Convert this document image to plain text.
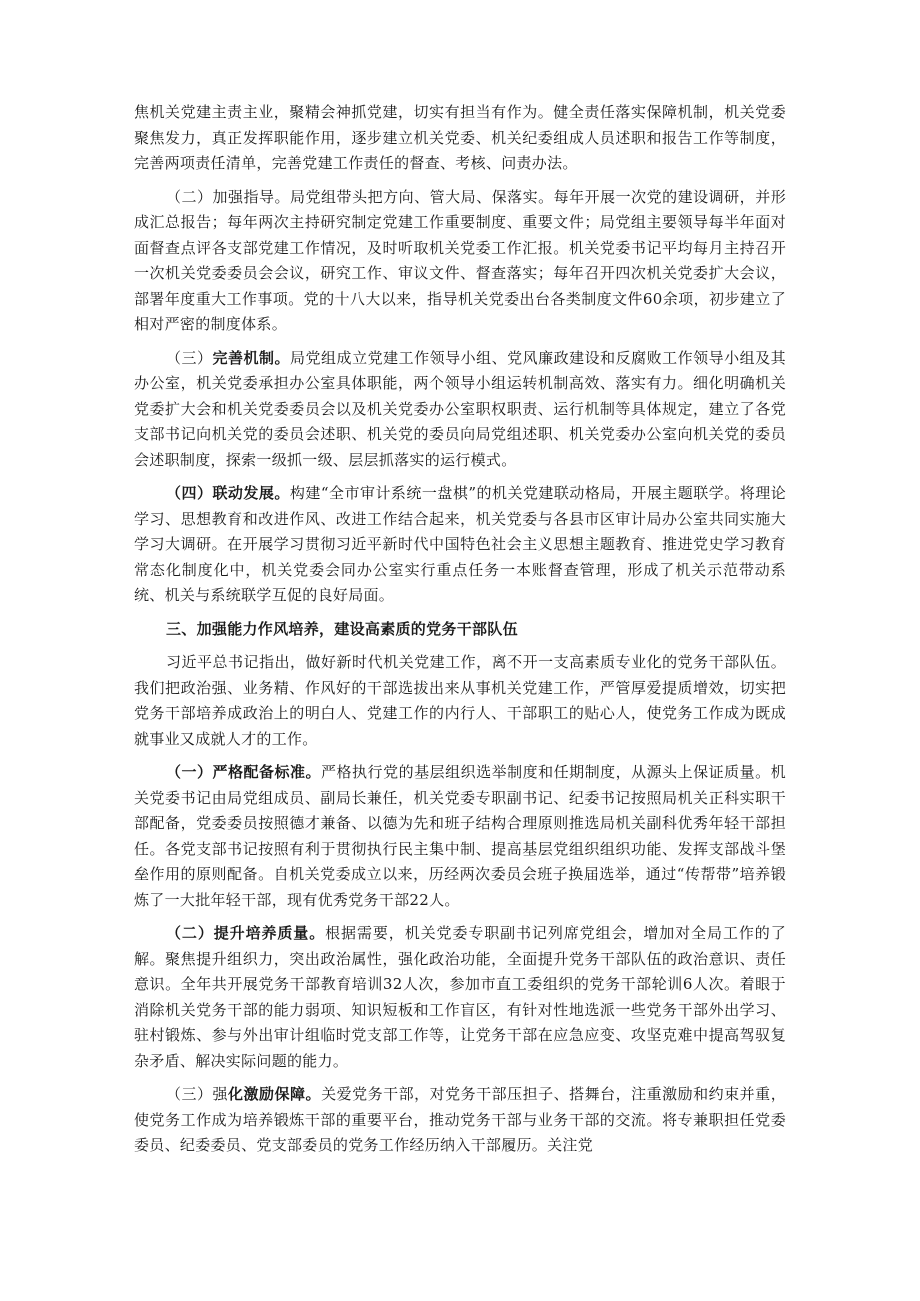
焦机关党建主责主业，聚精会神抓党建，切实有担当有作为。健全责任落实保障机制，机关党委聚焦发力，真正发挥职能作用，逐步建立机关党委、机关纪委组成人员述职和报告工作等制度，完善两项责任清单，完善党建工作责任的督查、考核、问责办法。

（二）加强指导。局党组带头把方向、管大局、保落实。每年开展一次党的建设调研，并形成汇总报告；每年两次主持研究制定党建工作重要制度、重要文件；局党组主要领导每半年面对面督查点评各支部党建工作情况，及时听取机关党委工作汇报。机关党委书记平均每月主持召开一次机关党委委员会会议，研究工作、审议文件、督查落实；每年召开四次机关党委扩大会议，部署年度重大工作事项。党的十八大以来，指导机关党委出台各类制度文件60余项，初步建立了相对严密的制度体系。

（三）完善机制。局党组成立党建工作领导小组、党风廉政建设和反腐败工作领导小组及其办公室，机关党委承担办公室具体职能，两个领导小组运转机制高效、落实有力。细化明确机关党委扩大会和机关党委委员会以及机关党委办公室职权职责、运行机制等具体规定，建立了各党支部书记向机关党的委员会述职、机关党的委员向局党组述职、机关党委办公室向机关党的委员会述职制度，探索一级抓一级、层层抓落实的运行模式。

（四）联动发展。构建“全市审计系统一盘棋”的机关党建联动格局，开展主题联学。将理论学习、思想教育和改进作风、改进工作结合起来，机关党委与各县市区审计局办公室共同实施大学习大调研。在开展学习贯彻习近平新时代中国特色社会主义思想主题教育、推进党史学习教育常态化制度化中，机关党委会同办公室实行重点任务一本账督查管理，形成了机关示范带动系统、机关与系统联学互促的良好局面。

三、加强能力作风培养，建设高素质的党务干部队伍

习近平总书记指出，做好新时代机关党建工作，离不开一支高素质专业化的党务干部队伍。我们把政治强、业务精、作风好的干部选拔出来从事机关党建工作，严管厚爱提质增效，切实把党务干部培养成政治上的明白人、党建工作的内行人、干部职工的贴心人，使党务工作成为既成就事业又成就人才的工作。

（一）严格配备标准。严格执行党的基层组织选举制度和任期制度，从源头上保证质量。机关党委书记由局党组成员、副局长兼任，机关党委专职副书记、纪委书记按照局机关正科实职干部配备，党委委员按照德才兼备、以德为先和班子结构合理原则推选局机关副科优秀年轻干部担任。各党支部书记按照有利于贯彻执行民主集中制、提高基层党组织组织功能、发挥支部战斗堡垒作用的原则配备。自机关党委成立以来，历经两次委员会班子换届选举，通过“传帮带”培养锻炼了一大批年轻干部，现有优秀党务干部22人。

（二）提升培养质量。根据需要，机关党委专职副书记列席党组会，增加对全局工作的了解。聚焦提升组织力，突出政治属性，强化政治功能，全面提升党务干部队伍的政治意识、责任意识。全年共开展党务干部教育培训32人次，参加市直工委组织的党务干部轮训6人次。着眼于消除机关党务干部的能力弱项、知识短板和工作盲区，有针对性地选派一些党务干部外出学习、驻村锻炼、参与外出审计组临时党支部工作等，让党务干部在应急应变、攻坚克难中提高驾驭复杂矛盾、解决实际问题的能力。

（三）强化激励保障。关爱党务干部，对党务干部压担子、搭舞台，注重激励和约束并重，使党务工作成为培养锻炼干部的重要平台，推动党务干部与业务干部的交流。将专兼职担任党委委员、纪委委员、党支部委员的党务工作经历纳入干部履历。关注党
